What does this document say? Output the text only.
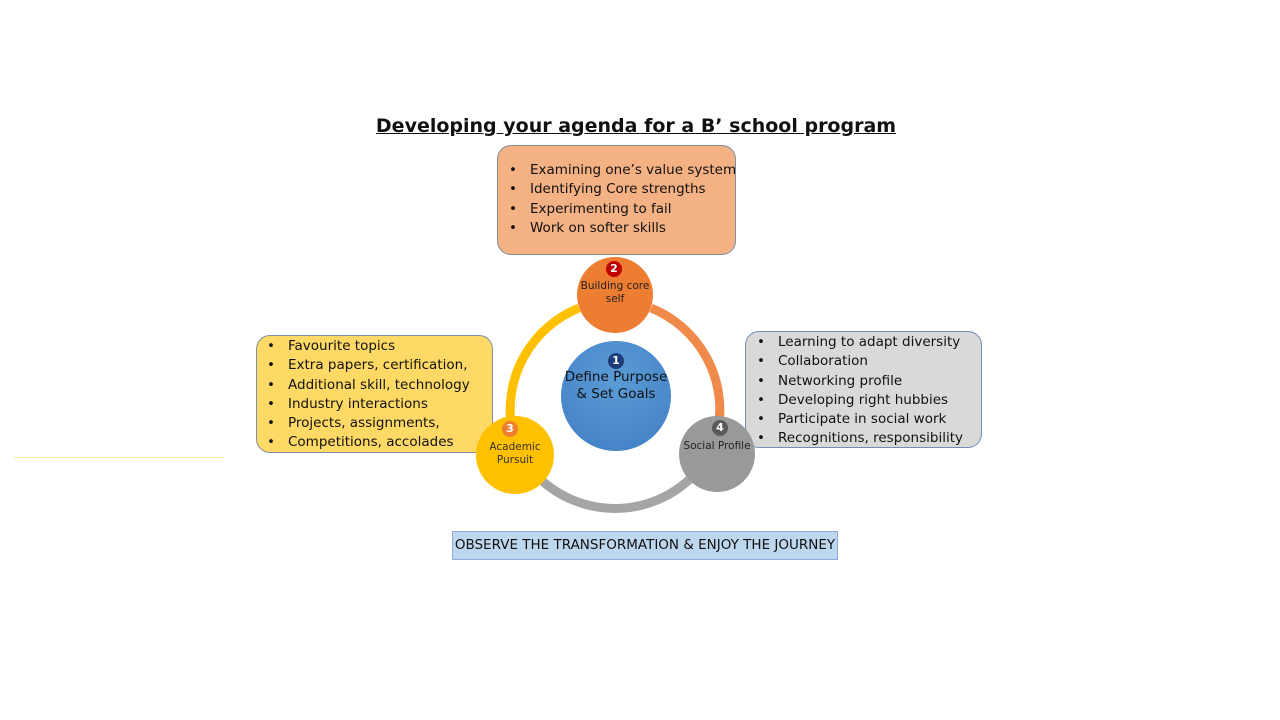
Developing your agenda for a B’ school program
• Examining one’s value system
• Identifying Core strengths
• Experimenting to fail
• Work on softer skills
• Favourite topics
• Extra papers, certification,
• Additional skill, technology
• Industry interactions
• Projects, assignments,
• Competitions, accolades
• Learning to adapt diversity
• Collaboration
• Networking profile
• Developing right hubbies
• Participate in social work
• Recognitions, responsibility
1
Define Purpose & Set Goals
2
Building core self
3
Academic Pursuit
4
Social Profile
OBSERVE THE TRANSFORMATION & ENJOY THE JOURNEY
